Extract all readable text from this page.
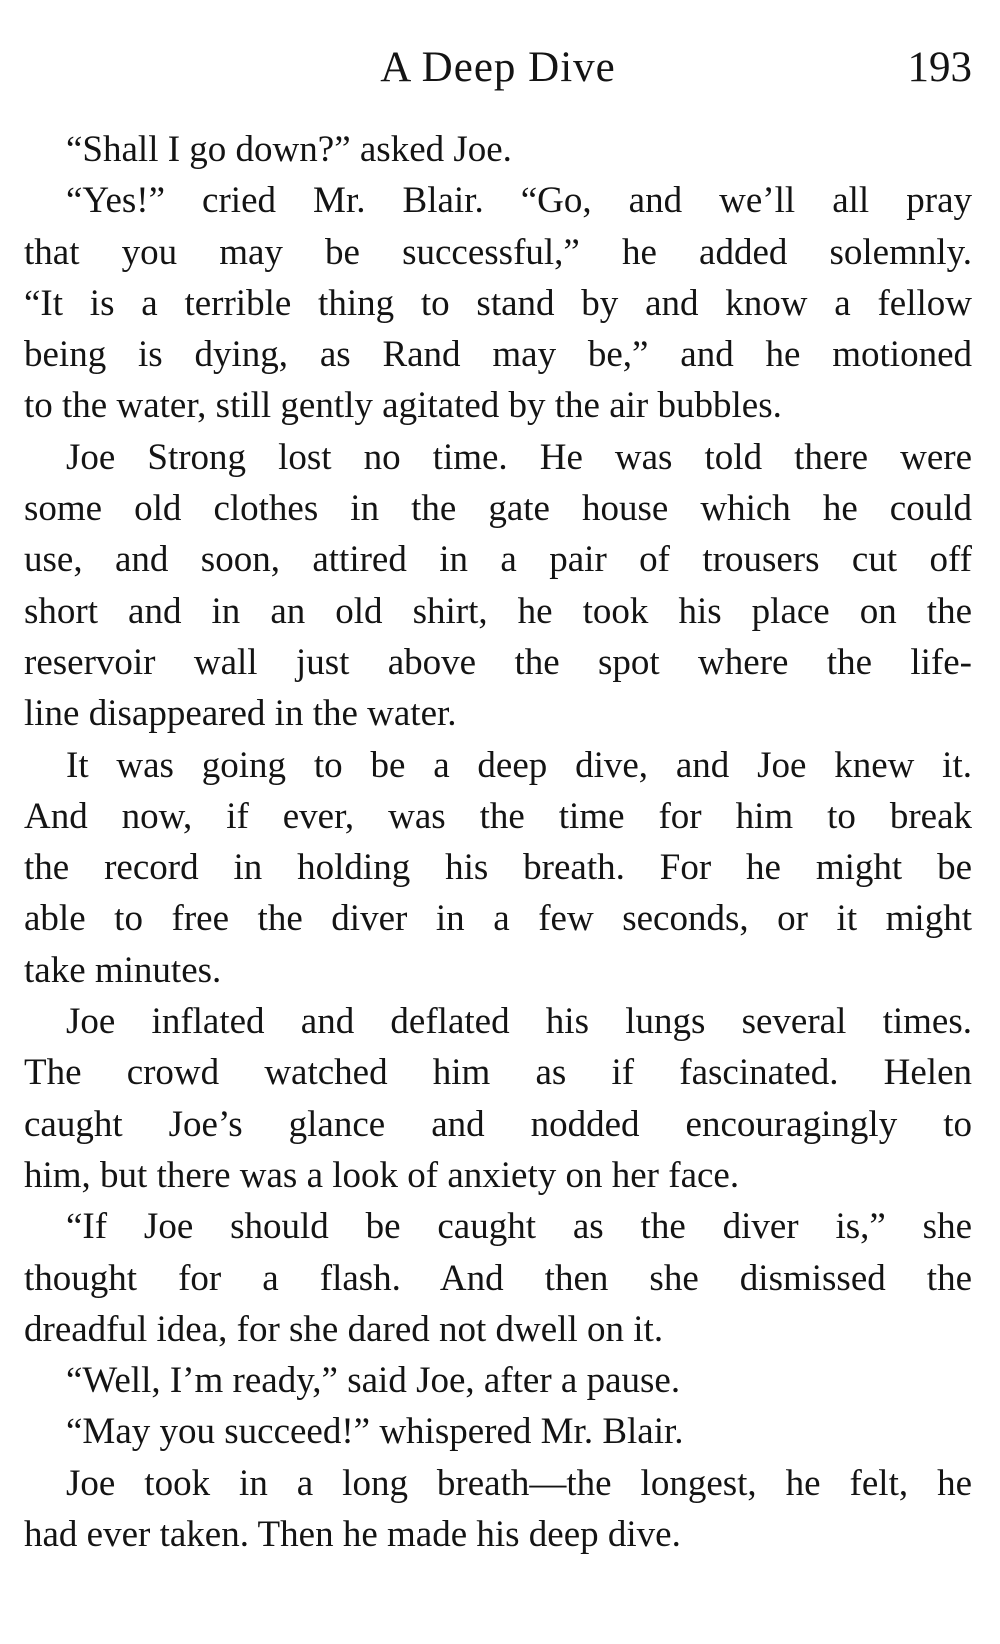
A Deep Dive	193
“Shall I go down?” asked Joe.
“Yes!” cried Mr. Blair. “Go, and we’ll all pray
that you may be successful,” he added solemnly.
“It is a terrible thing to stand by and know a fellow
being is dying, as Rand may be,” and he motioned
to the water, still gently agitated by the air bubbles.
Joe Strong lost no time. He was told there were
some old clothes in the gate house which he could
use, and soon, attired in a pair of trousers cut off
short and in an old shirt, he took his place on the
reservoir wall just above the spot where the life-
line disappeared in the water.
It was going to be a deep dive, and Joe knew it.
And now, if ever, was the time for him to break
the record in holding his breath. For he might be
able to free the diver in a few seconds, or it might
take minutes.
Joe inflated and deflated his lungs several times.
The crowd watched him as if fascinated. Helen
caught Joe’s glance and nodded encouragingly to
him, but there was a look of anxiety on her face.
“If Joe should be caught as the diver is,” she
thought for a flash. And then she dismissed the
dreadful idea, for she dared not dwell on it.
“Well, I’m ready,” said Joe, after a pause.
“May you succeed!” whispered Mr. Blair.
Joe took in a long breath—the longest, he felt, he
had ever taken. Then he made his deep dive.
